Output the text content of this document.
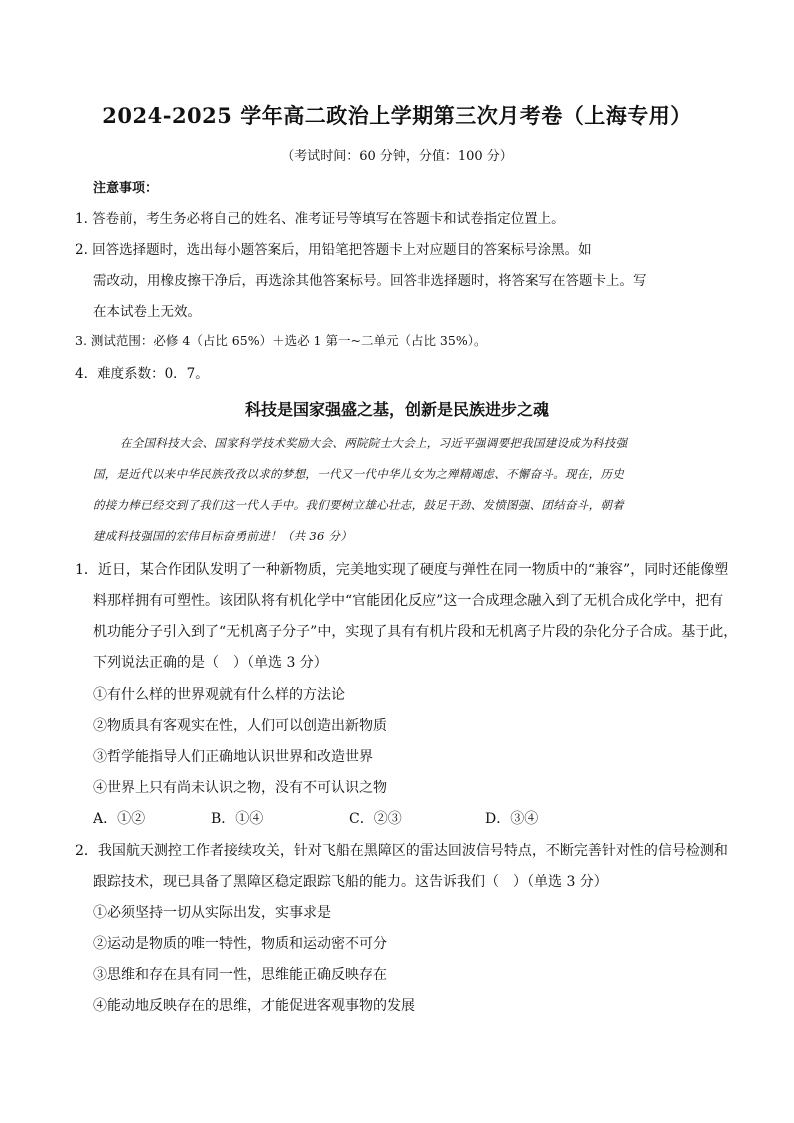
2024-2025 学年高二政治上学期第三次月考卷（上海专用）
（考试时间：60 分钟，分值：100 分）
注意事项：
1. 答卷前，考生务必将自己的姓名、准考证号等填写在答题卡和试卷指定位置上。
2. 回答选择题时，选出每小题答案后，用铅笔把答题卡上对应题目的答案标号涂黑。如
需改动，用橡皮擦干净后，再选涂其他答案标号。回答非选择题时，将答案写在答题卡上。写
在本试卷上无效。
3. 测试范围：必修 4（占比 65%）＋选必 1 第一~二单元（占比 35%）。
4．难度系数：0．7。
科技是国家强盛之基，创新是民族进步之魂
在全国科技大会、国家科学技术奖励大会、两院院士大会上，习近平强调要把我国建设成为科技强
国，是近代以来中华民族孜孜以求的梦想，一代又一代中华儿女为之殚精竭虑、不懈奋斗。现在，历史
的接力棒已经交到了我们这一代人手中。我们要树立雄心壮志，鼓足干劲、发愤图强、团结奋斗，朝着
建成科技强国的宏伟目标奋勇前进！（共 36 分）
1．近日，某合作团队发明了一种新物质，完美地实现了硬度与弹性在同一物质中的“兼容”，同时还能像塑
料那样拥有可塑性。该团队将有机化学中“官能团化反应”这一合成理念融入到了无机合成化学中，把有
机功能分子引入到了“无机离子分子”中，实现了具有有机片段和无机离子片段的杂化分子合成。基于此，
下列说法正确的是（　）（单选 3 分）
①有什么样的世界观就有什么样的方法论
②物质具有客观实在性，人们可以创造出新物质
③哲学能指导人们正确地认识世界和改造世界
④世界上只有尚未认识之物，没有不可认识之物
A．①②	B．①④	C．②③	D．③④
2．我国航天测控工作者接续攻关，针对飞船在黑障区的雷达回波信号特点，不断完善针对性的信号检测和
跟踪技术，现已具备了黑障区稳定跟踪飞船的能力。这告诉我们（　）（单选 3 分）
①必须坚持一切从实际出发，实事求是
②运动是物质的唯一特性，物质和运动密不可分
③思维和存在具有同一性，思维能正确反映存在
④能动地反映存在的思维，才能促进客观事物的发展
